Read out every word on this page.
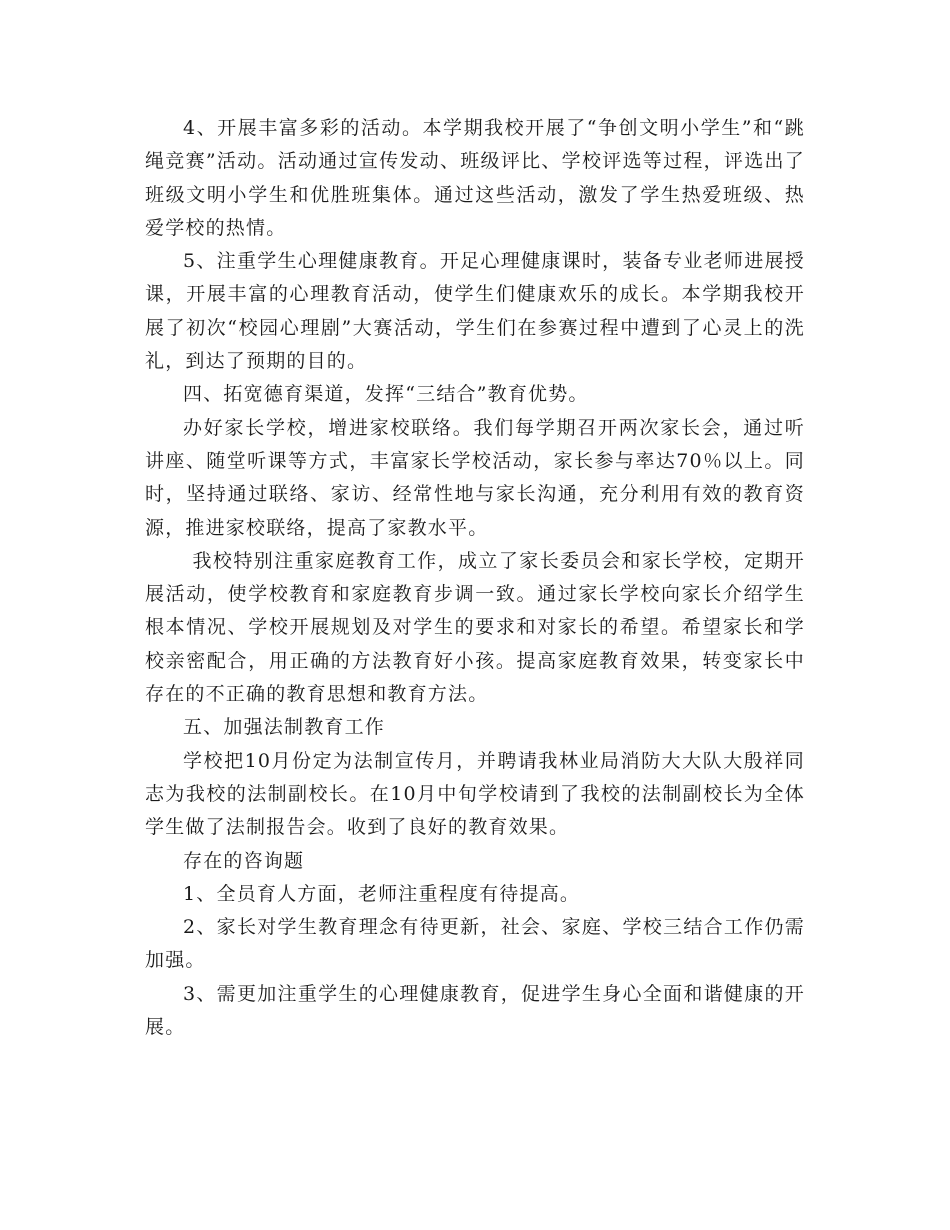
4、开展丰富多彩的活动。本学期我校开展了“争创文明小学生”和“跳绳竞赛”活动。活动通过宣传发动、班级评比、学校评选等过程，评选出了班级文明小学生和优胜班集体。通过这些活动，激发了学生热爱班级、热爱学校的热情。

5、注重学生心理健康教育。开足心理健康课时，装备专业老师进展授课，开展丰富的心理教育活动，使学生们健康欢乐的成长。本学期我校开展了初次“校园心理剧”大赛活动，学生们在参赛过程中遭到了心灵上的洗礼，到达了预期的目的。

四、拓宽德育渠道，发挥“三结合”教育优势。

办好家长学校，增进家校联络。我们每学期召开两次家长会，通过听讲座、随堂听课等方式，丰富家长学校活动，家长参与率达70％以上。同时，坚持通过联络、家访、经常性地与家长沟通，充分利用有效的教育资源，推进家校联络，提高了家教水平。

我校特别注重家庭教育工作，成立了家长委员会和家长学校，定期开展活动，使学校教育和家庭教育步调一致。通过家长学校向家长介绍学生根本情况、学校开展规划及对学生的要求和对家长的希望。希望家长和学校亲密配合，用正确的方法教育好小孩。提高家庭教育效果，转变家长中存在的不正确的教育思想和教育方法。

五、加强法制教育工作

学校把10月份定为法制宣传月，并聘请我林业局消防大大队大殷祥同志为我校的法制副校长。在10月中旬学校请到了我校的法制副校长为全体学生做了法制报告会。收到了良好的教育效果。

存在的咨询题

1、全员育人方面，老师注重程度有待提高。

2、家长对学生教育理念有待更新，社会、家庭、学校三结合工作仍需加强。

3、需更加注重学生的心理健康教育，促进学生身心全面和谐健康的开展。
